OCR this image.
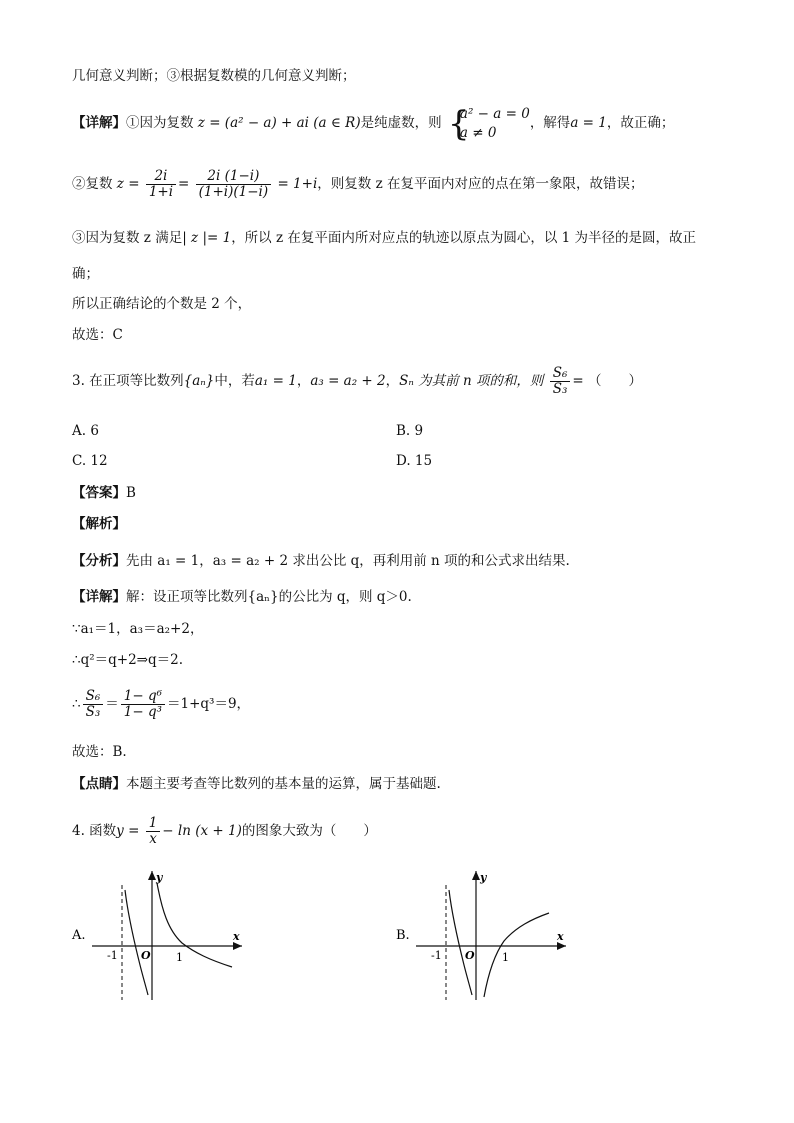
几何意义判断；③根据复数模的几何意义判断；
【详解】①因为复数 z = (a² − a) + ai (a ∈ R)是纯虚数，则 {
a² − a = 0
a ≠ 0
，解得a = 1，故正确；
②复数 $z = \frac{2i}{1+i} = \frac{2i (1-i)}{(1+i)(1-i)} = 1+i$，则复数 z 在复平面内对应的点在第一象限，故错误；
③因为复数 z 满足| z |= 1，所以 z 在复平面内所对应点的轨迹以原点为圆心，以 1 为半径的是圆，故正
确；
所以正确结论的个数是 2 个，
故选：C
3. 在正项等比数列{aₙ}中，若a₁ = 1，a₃ = a₂ + 2，Sₙ 为其前 n 项的和，则 $\frac{\text{S₆}}{\text{S₃}}$ = （　　）
A. 6	B. 9
C. 12	D. 15
【答案】B
【解析】
【分析】先由 a₁ = 1，a₃ = a₂ + 2 求出公比 q，再利用前 n 项的和公式求出结果.
【详解】解：设正项等比数列{aₙ}的公比为 q，则 q＞0.
∵a₁＝1，a₃＝a₂+2，
∴q²＝q+2⇒q＝2.
∴ $\frac{\text{S₆}}{\text{S₃}} = \frac{\text{1− q⁶}}{\text{1− q³}} =1+q^3=9$，
故选：B.
【点睛】本题主要考查等比数列的基本量的运算，属于基础题.
4. 函数$y = \frac{1}{x} - \ln (x + 1)$的图象大致为（　　）
A.
y
x
O
-1	1
B.
y
x
O
-1	1
